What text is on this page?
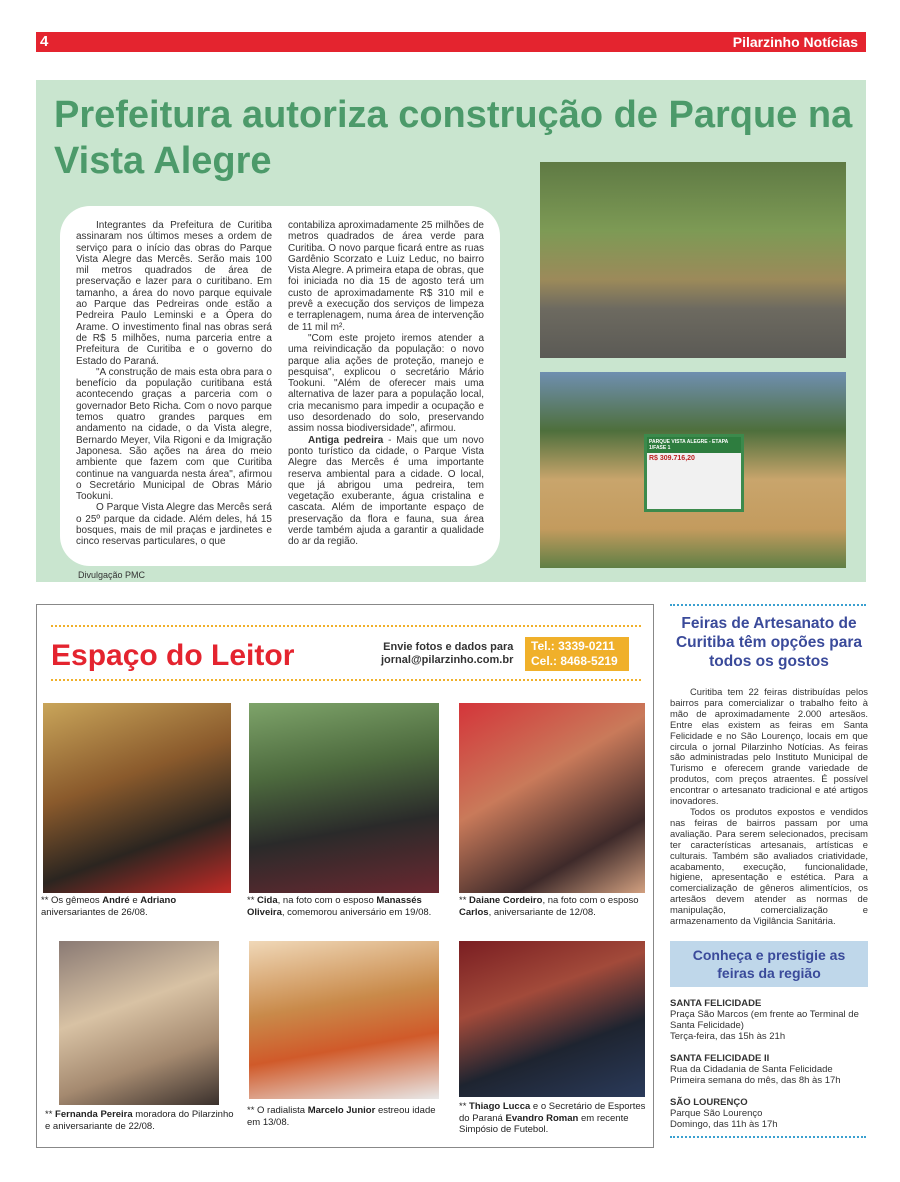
4	Pilarzinho Notícias
Prefeitura autoriza construção de Parque na Vista Alegre

Integrantes da Prefeitura de Curitiba assinaram nos últimos meses a ordem de serviço para o início das obras do Parque Vista Alegre das Mercês. Serão mais 100 mil metros quadrados de área de preservação e lazer para o curitibano. Em tamanho, a área do novo parque equivale ao Parque das Pedreiras onde estão a Pedreira Paulo Leminski e a Ópera do Arame. O investimento final nas obras será de R$ 5 milhões, numa parceria entre a Prefeitura de Curitiba e o governo do Estado do Paraná.

"A construção de mais esta obra para o benefício da população curitibana está acontecendo graças a parceria com o governador Beto Richa. Com o novo parque temos quatro grandes parques em andamento na cidade, o da Vista alegre, Bernardo Meyer, Vila Rigoni e da Imigração Japonesa. São ações na área do meio ambiente que fazem com que Curitiba continue na vanguarda nesta área", afirmou o Secretário Municipal de Obras Mário Tookuni.

O Parque Vista Alegre das Mercês será o 25º parque da cidade. Além deles, há 15 bosques, mais de mil praças e jardinetes e cinco reservas particulares, o que

contabiliza aproximadamente 25 milhões de metros quadrados de área verde para Curitiba. O novo parque ficará entre as ruas Gardênio Scorzato e Luiz Leduc, no bairro Vista Alegre. A primeira etapa de obras, que foi iniciada no dia 15 de agosto terá um custo de aproximadamente R$ 310 mil e prevê a execução dos serviços de limpeza e terraplenagem, numa área de intervenção de 11 mil m².

"Com este projeto iremos atender a uma reivindicação da população: o novo parque alia ações de proteção, manejo e pesquisa", explicou o secretário Mário Tookuni. "Além de oferecer mais uma alternativa de lazer para a população local, cria mecanismo para impedir a ocupação e uso desordenado do solo, preservando assim nossa biodiversidade", afirmou.

Antiga pedreira - Mais que um novo ponto turístico da cidade, o Parque Vista Alegre das Mercês é uma importante reserva ambiental para a cidade. O local, que já abrigou uma pedreira, tem vegetação exuberante, água cristalina e cascata. Além de importante espaço de preservação da flora e fauna, sua área verde também ajuda a garantir a qualidade do ar da região.

PARQUE VISTA ALEGRE - ETAPA 1/FASE 1
R$ 309.716,20
Divulgação PMC
Espaço do Leitor	Envie fotos e dados para
jornal@pilarzinho.com.br
Tel.: 3339-0211
Cel.: 8468-5219
** Os gêmeos André e Adriano aniversariantes de 26/08.
** Cida, na foto com o esposo Manassés Oliveira, comemorou aniversário em 19/08.
** Daiane Cordeiro, na foto com o esposo Carlos, aniversariante de 12/08.
** Fernanda Pereira moradora do Pilarzinho e aniversariante de 22/08.
** O radialista Marcelo Junior estreou idade em 13/08.
** Thiago Lucca e o Secretário de Esportes do Paraná Evandro Roman em recente Simpósio de Futebol.
Feiras de Artesanato de Curitiba têm opções para todos os gostos

Curitiba tem 22 feiras distribuídas pelos bairros para comercializar o trabalho feito à mão de aproximadamente 2.000 artesãos. Entre elas existem as feiras em Santa Felicidade e no São Lourenço, locais em que circula o jornal Pilarzinho Notícias. As feiras são administradas pelo Instituto Municipal de Turismo e oferecem grande variedade de produtos, com preços atraentes. É possível encontrar o artesanato tradicional e até artigos inovadores.

Todos os produtos expostos e vendidos nas feiras de bairros passam por uma avaliação. Para serem selecionados, precisam ter características artesanais, artísticas e culturais. Também são avaliados criatividade, acabamento, execução, funcionalidade, higiene, apresentação e estética. Para a comercialização de gêneros alimentícios, os artesãos devem atender as normas de manipulação, comercialização e armazenamento da Vigilância Sanitária.

Conheça e prestigie as feiras da região
SANTA FELICIDADE
Praça São Marcos (em frente ao Terminal de Santa Felicidade)
Terça-feira, das 15h às 21h
SANTA FELICIDADE II
Rua da Cidadania de Santa Felicidade
Primeira semana do mês, das 8h às 17h
SÃO LOURENÇO
Parque São Lourenço
Domingo, das 11h às 17h
